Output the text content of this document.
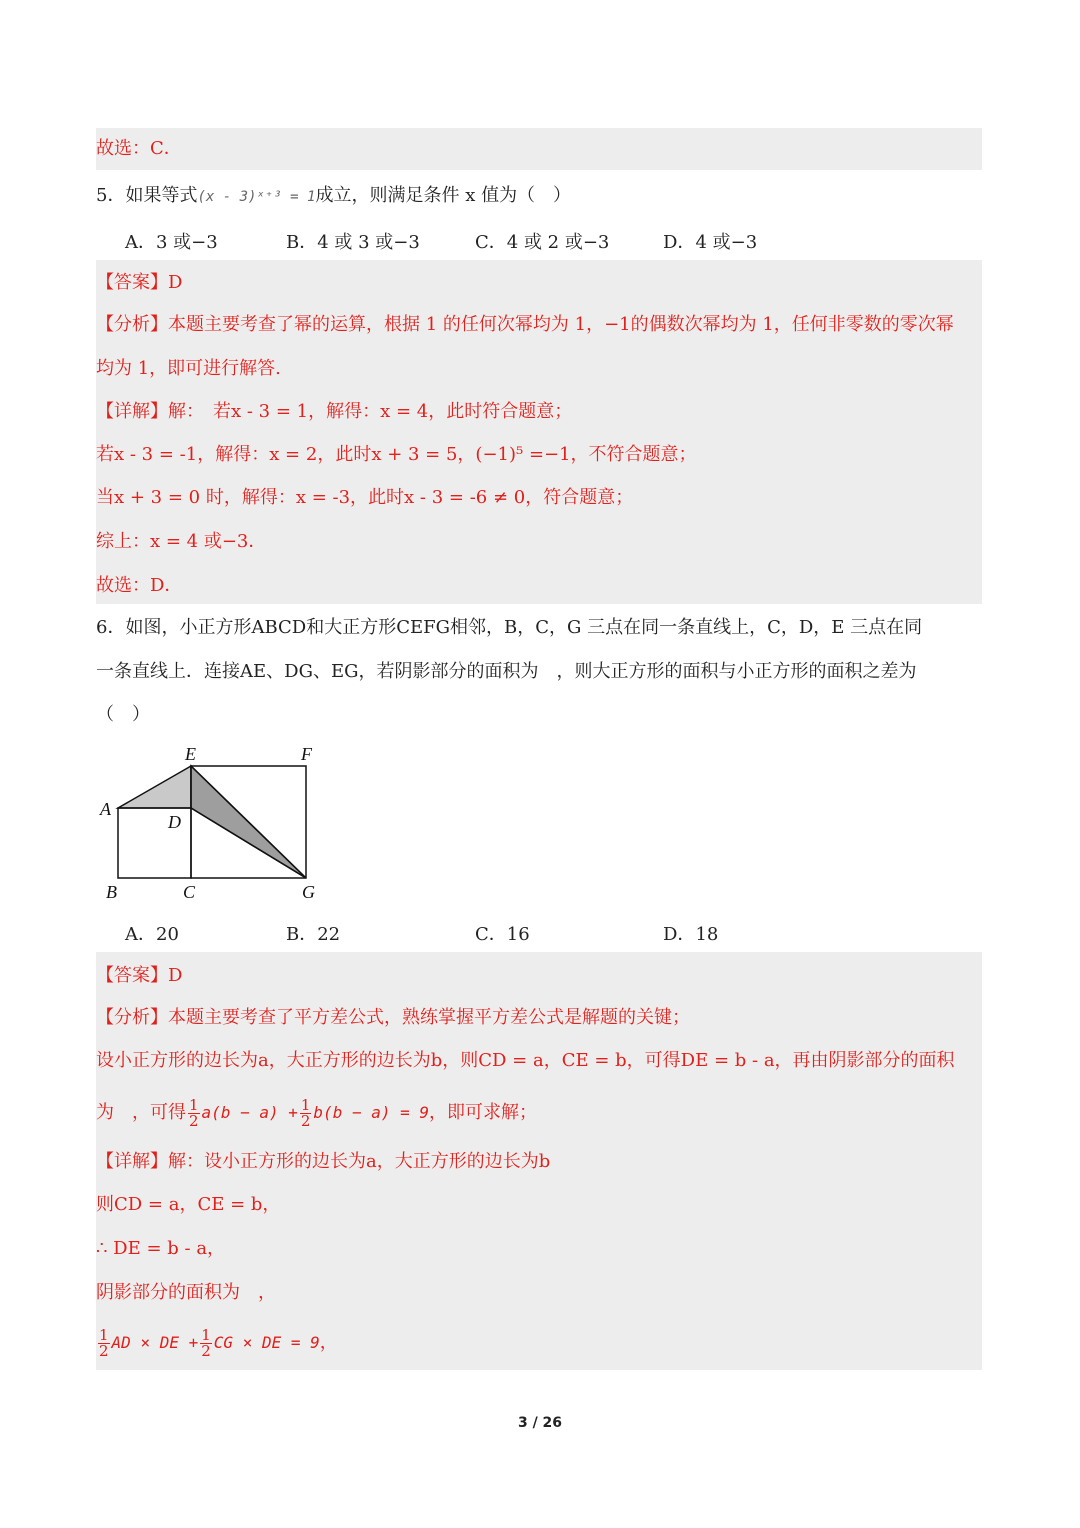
故选：C．
5．如果等式(x - 3)ˣ⁺³ = 1成立，则满足条件 x 值为（　）
A．3 或−3	B．4 或 3 或−3	C．4 或 2 或−3	D．4 或−3
【答案】D
【分析】本题主要考查了幂的运算，根据 1 的任何次幂均为 1，−1的偶数次幂均为 1，任何非零数的零次幂
均为 1，即可进行解答.
【详解】解：　若x - 3 = 1，解得：x = 4，此时符合题意；
若x - 3 = -1，解得：x = 2，此时x + 3 = 5，(−1)⁵ =−1，不符合题意；
当x + 3 = 0 时，解得：x = -3，此时x - 3 = -6 ≠ 0，符合题意；
综上：x = 4 或−3．
故选：D．
6．如图，小正方形ABCD和大正方形CEFG相邻，B，C，G 三点在同一条直线上，C，D，E 三点在同
一条直线上．连接AE、DG、EG，若阴影部分的面积为　，则大正方形的面积与小正方形的面积之差为
（　）
E	F
A
D
B	C	G
A．20	B．22	C．16	D．18
【答案】D
【分析】本题主要考查了平方差公式，熟练掌握平方差公式是解题的关键；
设小正方形的边长为a，大正方形的边长为b，则CD = a，CE = b，可得DE = b - a，再由阴影部分的面积
为　，可得 $\frac{1}{2} a(b - a) + \frac{1}{2} b(b - a) = 9$，即可求解；
【详解】解：设小正方形的边长为a，大正方形的边长为b
则CD = a，CE = b，
∴ DE = b - a，
阴影部分的面积为　，
$\frac{1}{2}$ AD × DE + $\frac{1}{2}$ CG × DE = 9，
3 / 26
